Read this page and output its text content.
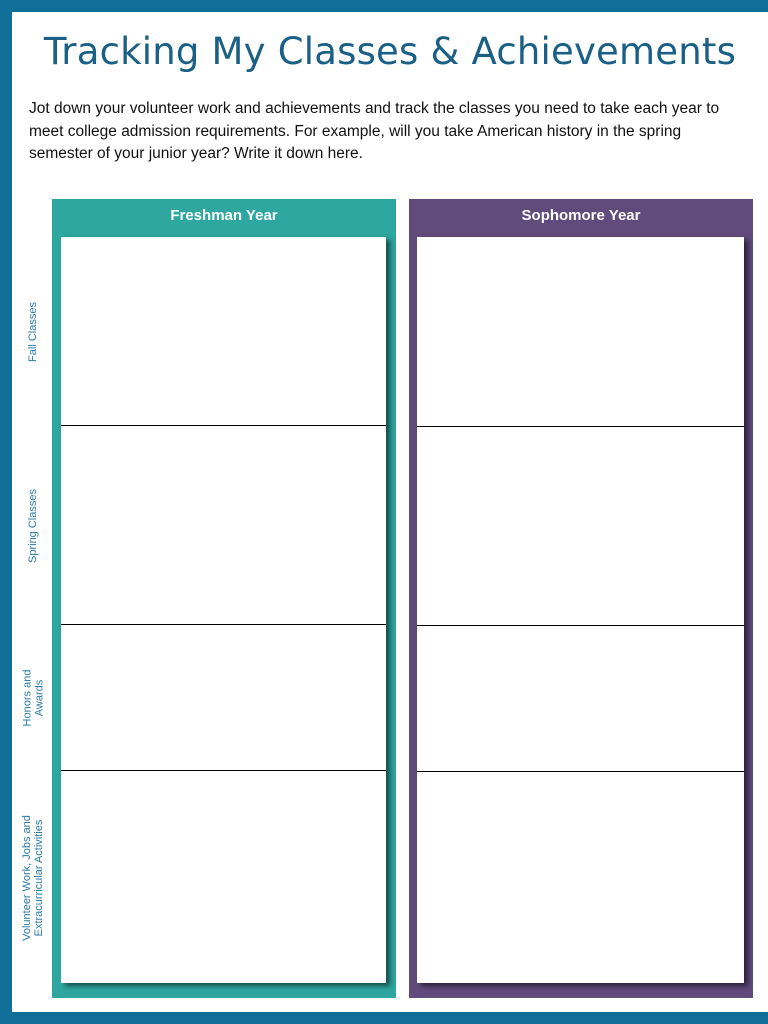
Tracking My Classes & Achievements

Jot down your volunteer work and achievements and track the classes you need to take each year to meet college admission requirements. For example, will you take American history in the spring semester of your junior year? Write it down here.

Fall Classes
Spring Classes
Honors and
Awards
Volunteer Work, Jobs and
Extracurricular Activities
Freshman Year	Sophomore Year
